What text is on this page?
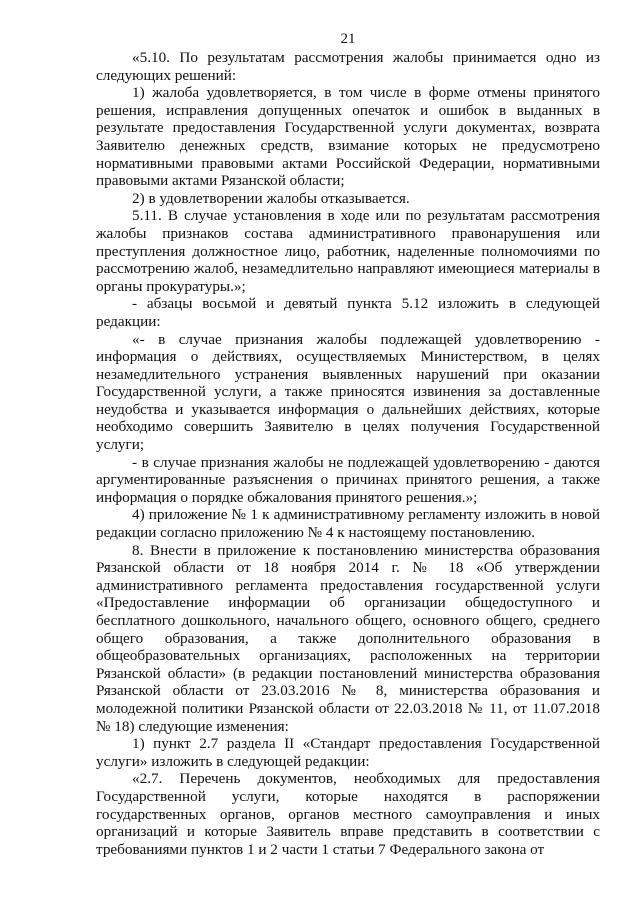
21

«5.10. По результатам рассмотрения жалобы принимается одно из следующих решений:

1) жалоба удовлетворяется, в том числе в форме отмены принятого решения, исправления допущенных опечаток и ошибок в выданных в результате предоставления Государственной услуги документах, возврата Заявителю денежных средств, взимание которых не предусмотрено нормативными правовыми актами Российской Федерации, нормативными правовыми актами Рязанской области;

2) в удовлетворении жалобы отказывается.

5.11. В случае установления в ходе или по результатам рассмотрения жалобы признаков состава административного правонарушения или преступления должностное лицо, работник, наделенные полномочиями по рассмотрению жалоб, незамедлительно направляют имеющиеся материалы в органы прокуратуры.»;

- абзацы восьмой и девятый пункта 5.12 изложить в следующей редакции:

«- в случае признания жалобы подлежащей удовлетворению - информация о действиях, осуществляемых Министерством, в целях незамедлительного устранения выявленных нарушений при оказании Государственной услуги, а также приносятся извинения за доставленные неудобства и указывается информация о дальнейших действиях, которые необходимо совершить Заявителю в целях получения Государственной услуги;

- в случае признания жалобы не подлежащей удовлетворению - даются аргументированные разъяснения о причинах принятого решения, а также информация о порядке обжалования принятого решения.»;

4) приложение № 1 к административному регламенту изложить в новой редакции согласно приложению № 4 к настоящему постановлению.

8. Внести в приложение к постановлению министерства образования Рязанской области от 18 ноября 2014 г. № 18 «Об утверждении административного регламента предоставления государственной услуги «Предоставление информации об организации общедоступного и бесплатного дошкольного, начального общего, основного общего, среднего общего образования, а также дополнительного образования в общеобразовательных организациях, расположенных на территории Рязанской области» (в редакции постановлений министерства образования Рязанской области от 23.03.2016 № 8, министерства образования и молодежной политики Рязанской области от 22.03.2018 № 11, от 11.07.2018 № 18) следующие изменения:

1) пункт 2.7 раздела II «Стандарт предоставления Государственной услуги» изложить в следующей редакции:

«2.7. Перечень документов, необходимых для предоставления Государственной услуги, которые находятся в распоряжении государственных органов, органов местного самоуправления и иных организаций и которые Заявитель вправе представить в соответствии с требованиями пунктов 1 и 2 части 1 статьи 7 Федерального закона от
